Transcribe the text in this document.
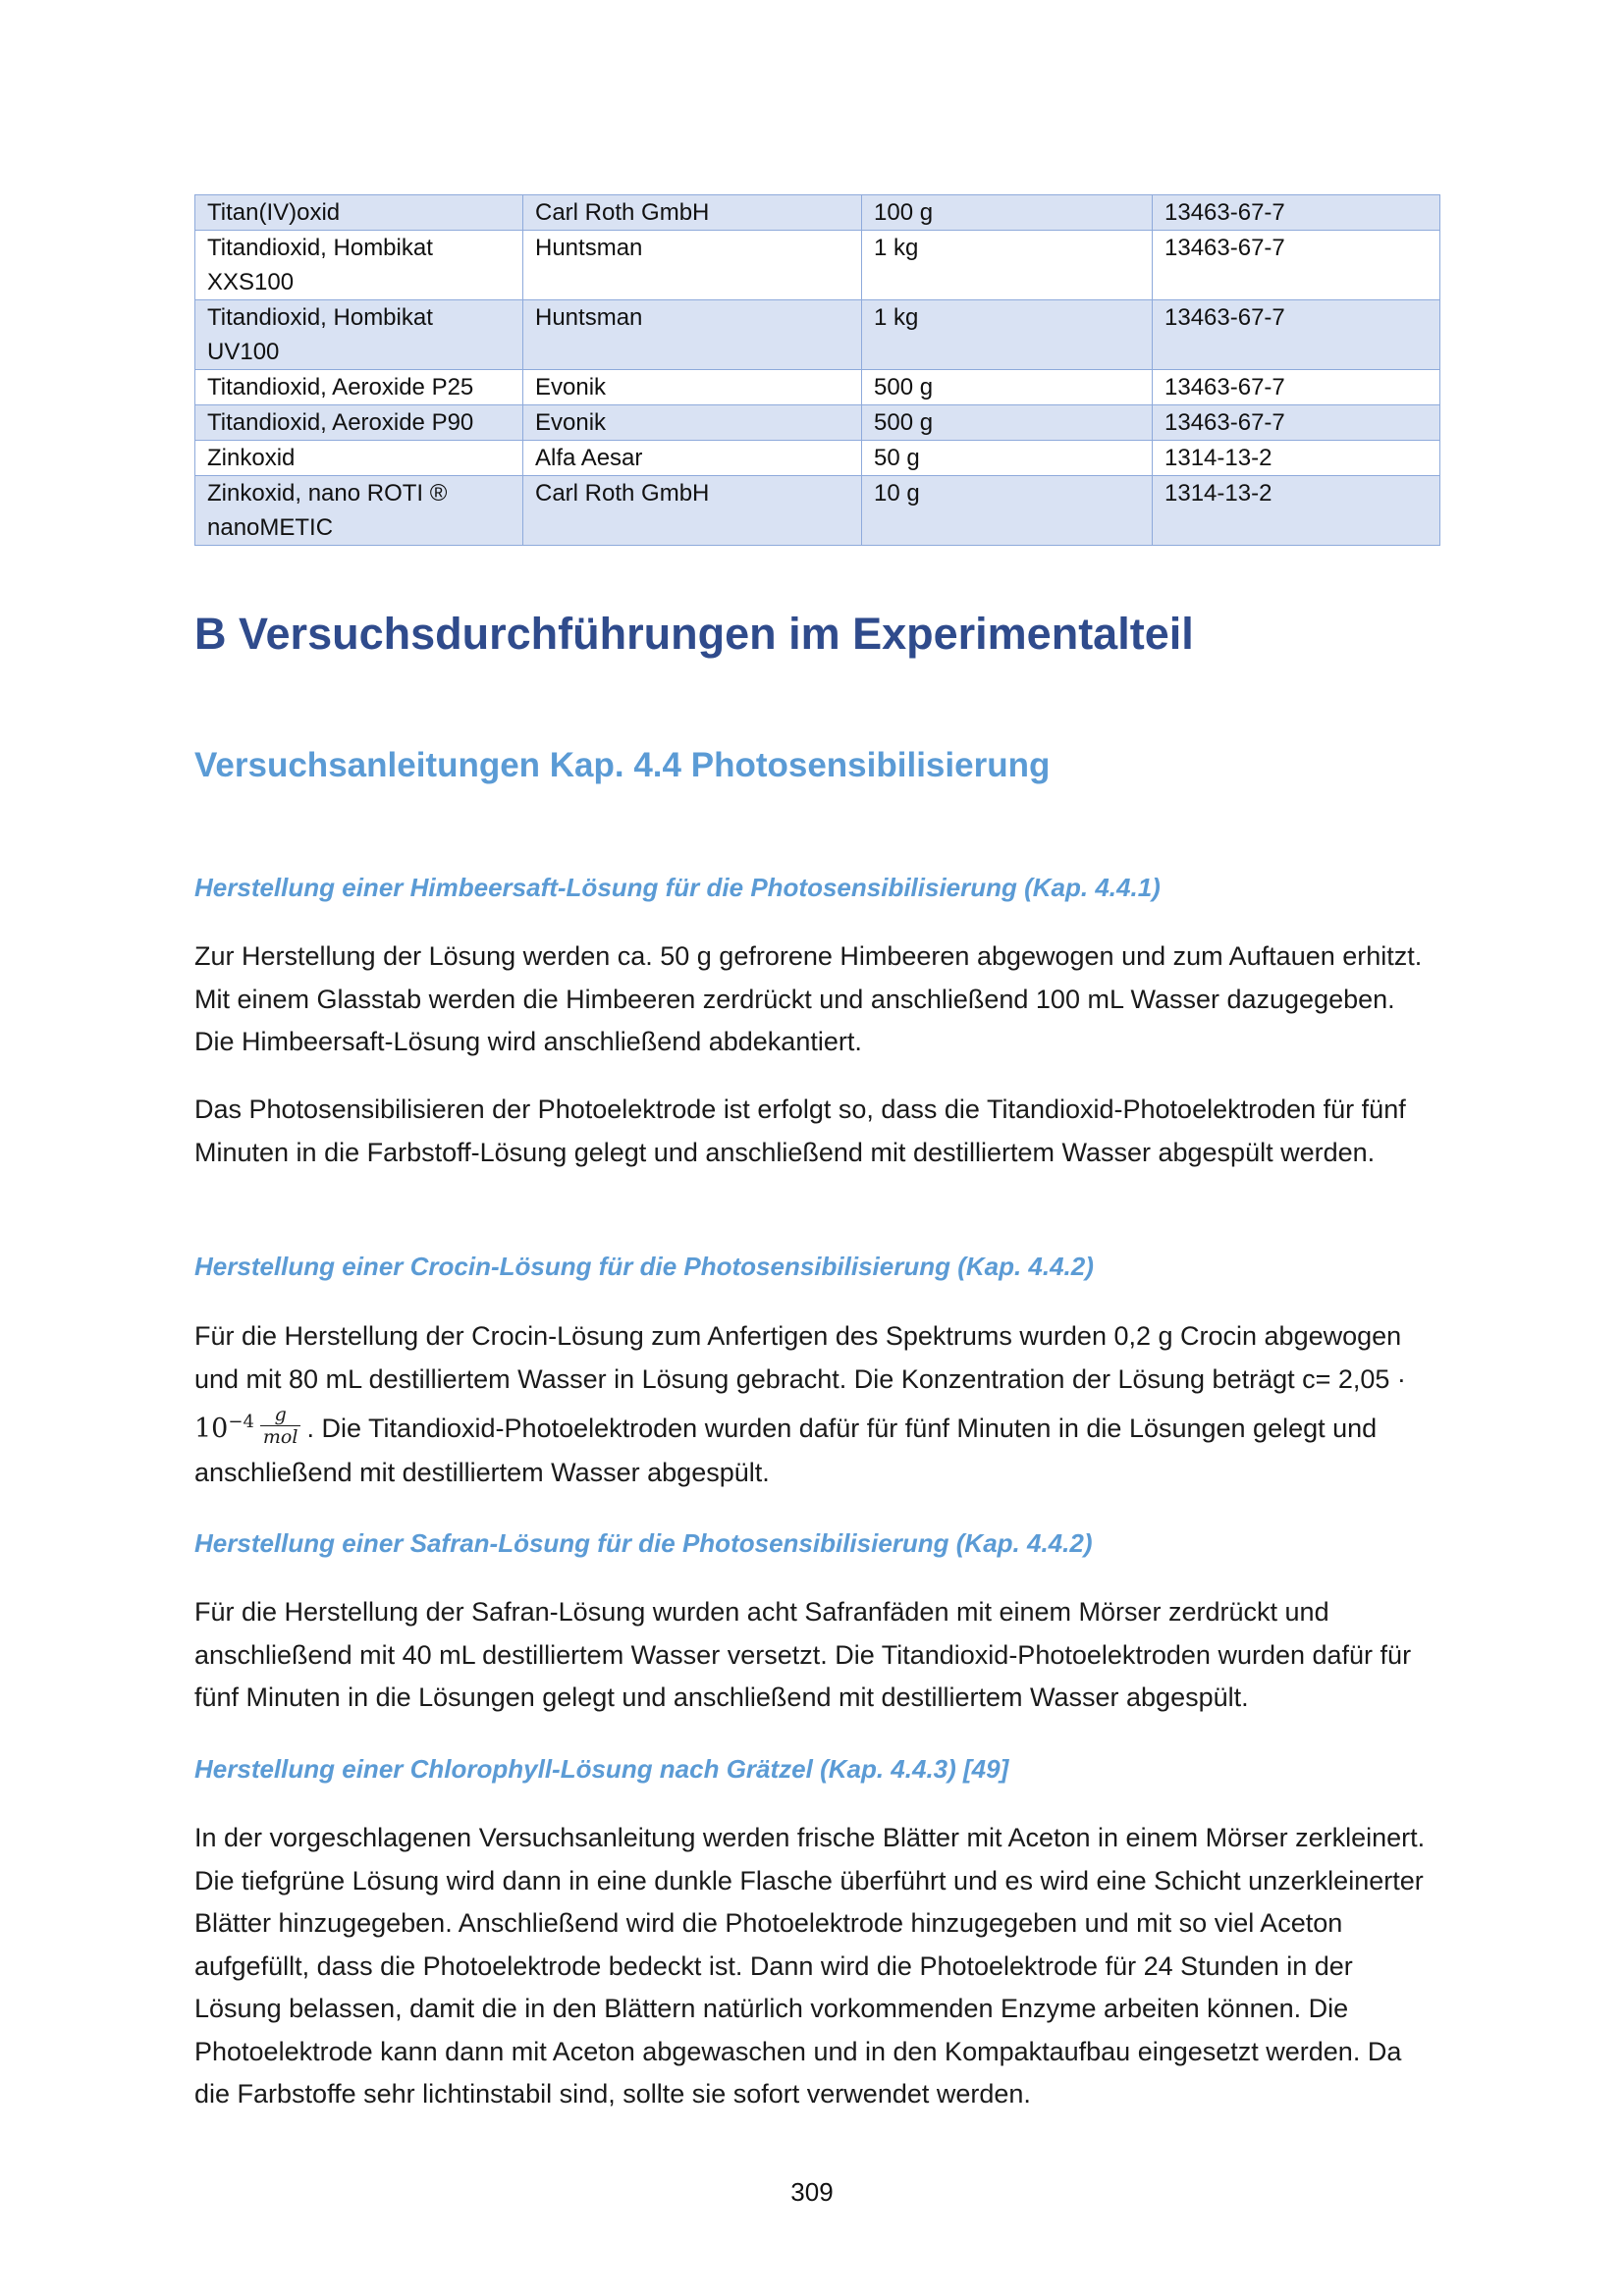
Titan(IV)oxid	Carl Roth GmbH	100 g	13463-67-7
Titandioxid, Hombikat XXS100	Huntsman	1 kg	13463-67-7
Titandioxid, Hombikat UV100	Huntsman	1 kg	13463-67-7
Titandioxid, Aeroxide P25	Evonik	500 g	13463-67-7
Titandioxid, Aeroxide P90	Evonik	500 g	13463-67-7
Zinkoxid	Alfa Aesar	50 g	1314-13-2
Zinkoxid, nano ROTI ® nanoMETIC	Carl Roth GmbH	10 g	1314-13-2
B Versuchsdurchführungen im Experimentalteil
Versuchsanleitungen Kap. 4.4 Photosensibilisierung
Herstellung einer Himbeersaft-Lösung für die Photosensibilisierung (Kap. 4.4.1)

Zur Herstellung der Lösung werden ca. 50 g gefrorene Himbeeren abgewogen und zum Auftauen erhitzt. Mit einem Glasstab werden die Himbeeren zerdrückt und anschließend 100 mL Wasser dazugegeben. Die Himbeersaft-Lösung wird anschließend abdekantiert.

Das Photosensibilisieren der Photoelektrode ist erfolgt so, dass die Titandioxid-Photoelektroden für fünf Minuten in die Farbstoff-Lösung gelegt und anschließend mit destilliertem Wasser abgespült werden.

Herstellung einer Crocin-Lösung für die Photosensibilisierung (Kap. 4.4.2)

Für die Herstellung der Crocin-Lösung zum Anfertigen des Spektrums wurden 0,2 g Crocin abgewogen und mit 80 mL destilliertem Wasser in Lösung gebracht. Die Konzentration der Lösung beträgt $c= 2,05 \cdot 10^{-4} \frac{g}{\text{mol}}$ . Die Titandioxid-Photoelektroden wurden dafür für fünf Minuten in die Lösungen gelegt und anschließend mit destilliertem Wasser abgespült.

Herstellung einer Safran-Lösung für die Photosensibilisierung (Kap. 4.4.2)

Für die Herstellung der Safran-Lösung wurden acht Safranfäden mit einem Mörser zerdrückt und anschließend mit 40 mL destilliertem Wasser versetzt. Die Titandioxid-Photoelektroden wurden dafür für fünf Minuten in die Lösungen gelegt und anschließend mit destilliertem Wasser abgespült.

Herstellung einer Chlorophyll-Lösung nach Grätzel (Kap. 4.4.3) [49]

In der vorgeschlagenen Versuchsanleitung werden frische Blätter mit Aceton in einem Mörser zerkleinert. Die tiefgrüne Lösung wird dann in eine dunkle Flasche überführt und es wird eine Schicht unzerkleinerter Blätter hinzugegeben. Anschließend wird die Photoelektrode hinzugegeben und mit so viel Aceton aufgefüllt, dass die Photoelektrode bedeckt ist. Dann wird die Photoelektrode für 24 Stunden in der Lösung belassen, damit die in den Blättern natürlich vorkommenden Enzyme arbeiten können. Die Photoelektrode kann dann mit Aceton abgewaschen und in den Kompaktaufbau eingesetzt werden. Da die Farbstoffe sehr lichtinstabil sind, sollte sie sofort verwendet werden.

309
